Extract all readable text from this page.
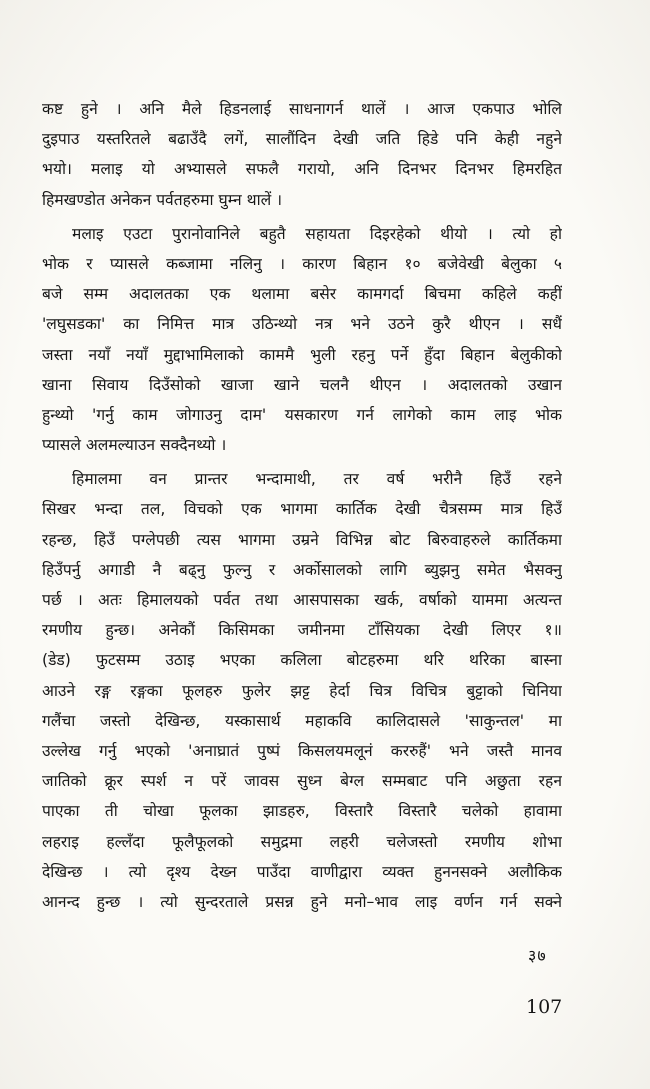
कष्ट हुने । अनि मैले हिडनलाई साधनागर्न थालें । आज एकपाउ भोलि
दुइपाउ यस्तरितले बढाउँदै लगें, सालौंदिन देखी जति हिडे पनि केही नहुने
भयो। मलाइ यो अभ्यासले सफलै गरायो, अनि दिनभर दिनभर हिमरहित
हिमखण्डोत अनेकन पर्वतहरुमा घुम्न थालें ।
मलाइ एउटा पुरानोवानिले बहुतै सहायता दिइरहेको थीयो । त्यो हो
भोक र प्यासले कब्जामा नलिनु । कारण बिहान १० बजेवेखी बेलुका ५
बजे सम्म अदालतका एक थलामा बसेर कामगर्दा बिचमा कहिले कहीं
'लघुसडका' का निमित्त मात्र उठिन्थ्यो नत्र भने उठने कुरै थीएन । सधैं
जस्ता नयाँ नयाँ मुद्दाभामिलाको काममै भुली रहनु पर्ने हुँदा बिहान बेलुकीको
खाना सिवाय दिउँसोको खाजा खाने चलनै थीएन । अदालतको उखान
हुन्थ्यो 'गर्नु काम जोगाउनु दाम' यसकारण गर्न लागेको काम लाइ भोक
प्यासले अलमल्याउन सक्दैनथ्यो ।
हिमालमा वन प्रान्तर भन्दामाथी, तर वर्ष भरीनै हिउँ रहने
सिखर भन्दा तल, विचको एक भागमा कार्तिक देखी चैत्रसम्म मात्र हिउँ
रहन्छ, हिउँ पग्लेपछी त्यस भागमा उम्रने विभिन्न बोट बिरुवाहरुले कार्तिकमा
हिउँपर्नु अगाडी नै बढ्नु फुल्नु र अर्कोसालको लागि ब्युझनु समेत भैसक्नु
पर्छ । अतः हिमालयको पर्वत तथा आसपासका खर्क, वर्षाको याममा अत्यन्त
रमणीय हुन्छ। अनेकौं किसिमका जमीनमा टाँसियका देखी लिएर १॥
(डेड) फुटसम्म उठाइ भएका कलिला बोटहरुमा थरि थरिका बास्ना
आउने रङ्ग रङ्गका फूलहरु फुलेर झट्ट हेर्दा चित्र विचित्र बुट्टाको चिनिया
गलैंचा जस्तो देखिन्छ, यस्कासार्थ महाकवि कालिदासले 'साकुन्तल' मा
उल्लेख गर्नु भएको 'अनाघ्रातं पुष्पं किसलयमलूनं कररुहैं' भने जस्तै मानव
जातिको क्रूर स्पर्श न परें जावस सुध्न बेग्ल सम्मबाट पनि अछुता रहन
पाएका ती चोखा फूलका झाडहरु, विस्तारै विस्तारै चलेको हावामा
लहराइ हल्लँदा फूलैफूलको समुद्रमा लहरी चलेजस्तो रमणीय शोभा
देखिन्छ । त्यो दृश्य देख्न पाउँदा वाणीद्वारा व्यक्त हुननसक्ने अलौकिक
आनन्द हुन्छ । त्यो सुन्दरताले प्रसन्न हुने मनो–भाव लाइ वर्णन गर्न सक्ने
३७
107
